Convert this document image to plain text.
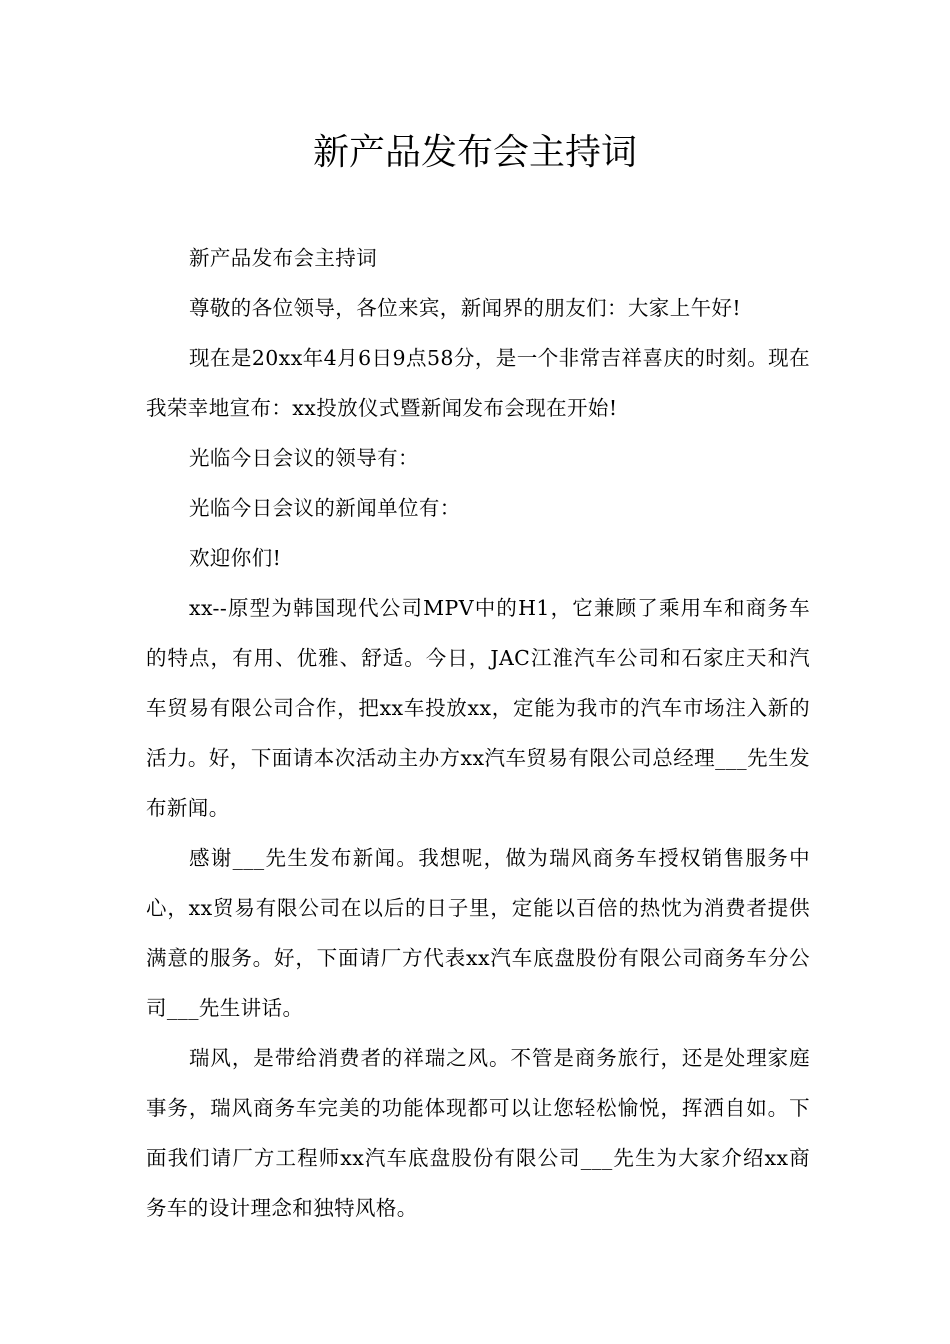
新产品发布会主持词

新产品发布会主持词

尊敬的各位领导，各位来宾，新闻界的朋友们：大家上午好!

现在是20xx年4月6日9点58分，是一个非常吉祥喜庆的时刻。现在我荣幸地宣布：xx投放仪式暨新闻发布会现在开始!

光临今日会议的领导有：

光临今日会议的新闻单位有：

欢迎你们!

xx--原型为韩国现代公司MPV中的H1，它兼顾了乘用车和商务车的特点，有用、优雅、舒适。今日，JAC江淮汽车公司和石家庄天和汽车贸易有限公司合作，把xx车投放xx，定能为我市的汽车市场注入新的活力。好，下面请本次活动主办方xx汽车贸易有限公司总经理___先生发布新闻。

感谢___先生发布新闻。我想呢，做为瑞风商务车授权销售服务中心，xx贸易有限公司在以后的日子里，定能以百倍的热忱为消费者提供满意的服务。好，下面请厂方代表xx汽车底盘股份有限公司商务车分公司___先生讲话。

瑞风，是带给消费者的祥瑞之风。不管是商务旅行，还是处理家庭事务，瑞风商务车完美的功能体现都可以让您轻松愉悦，挥洒自如。下面我们请厂方工程师xx汽车底盘股份有限公司___先生为大家介绍xx商务车的设计理念和独特风格。
